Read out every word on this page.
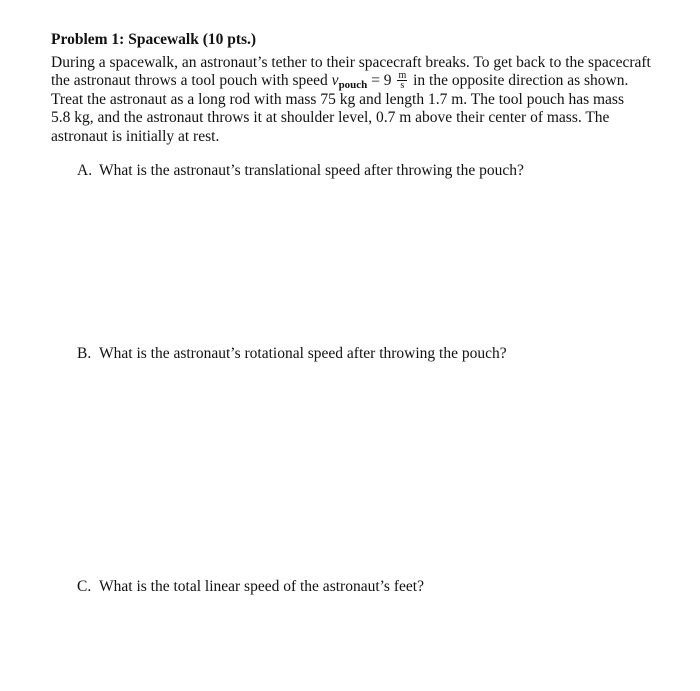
Problem 1: Spacewalk (10 pts.)
During a spacewalk, an astronaut’s tether to their spacecraft breaks. To get back to the spacecraft
the astronaut throws a tool pouch with speed vpouch = $9 \frac{m}{s}$ in the opposite direction as shown.
Treat the astronaut as a long rod with mass 75 kg and length 1.7 m. The tool pouch has mass
5.8 kg, and the astronaut throws it at shoulder level, 0.7 m above their center of mass. The
astronaut is initially at rest.
A. What is the astronaut’s translational speed after throwing the pouch?
B. What is the astronaut’s rotational speed after throwing the pouch?
C. What is the total linear speed of the astronaut’s feet?
